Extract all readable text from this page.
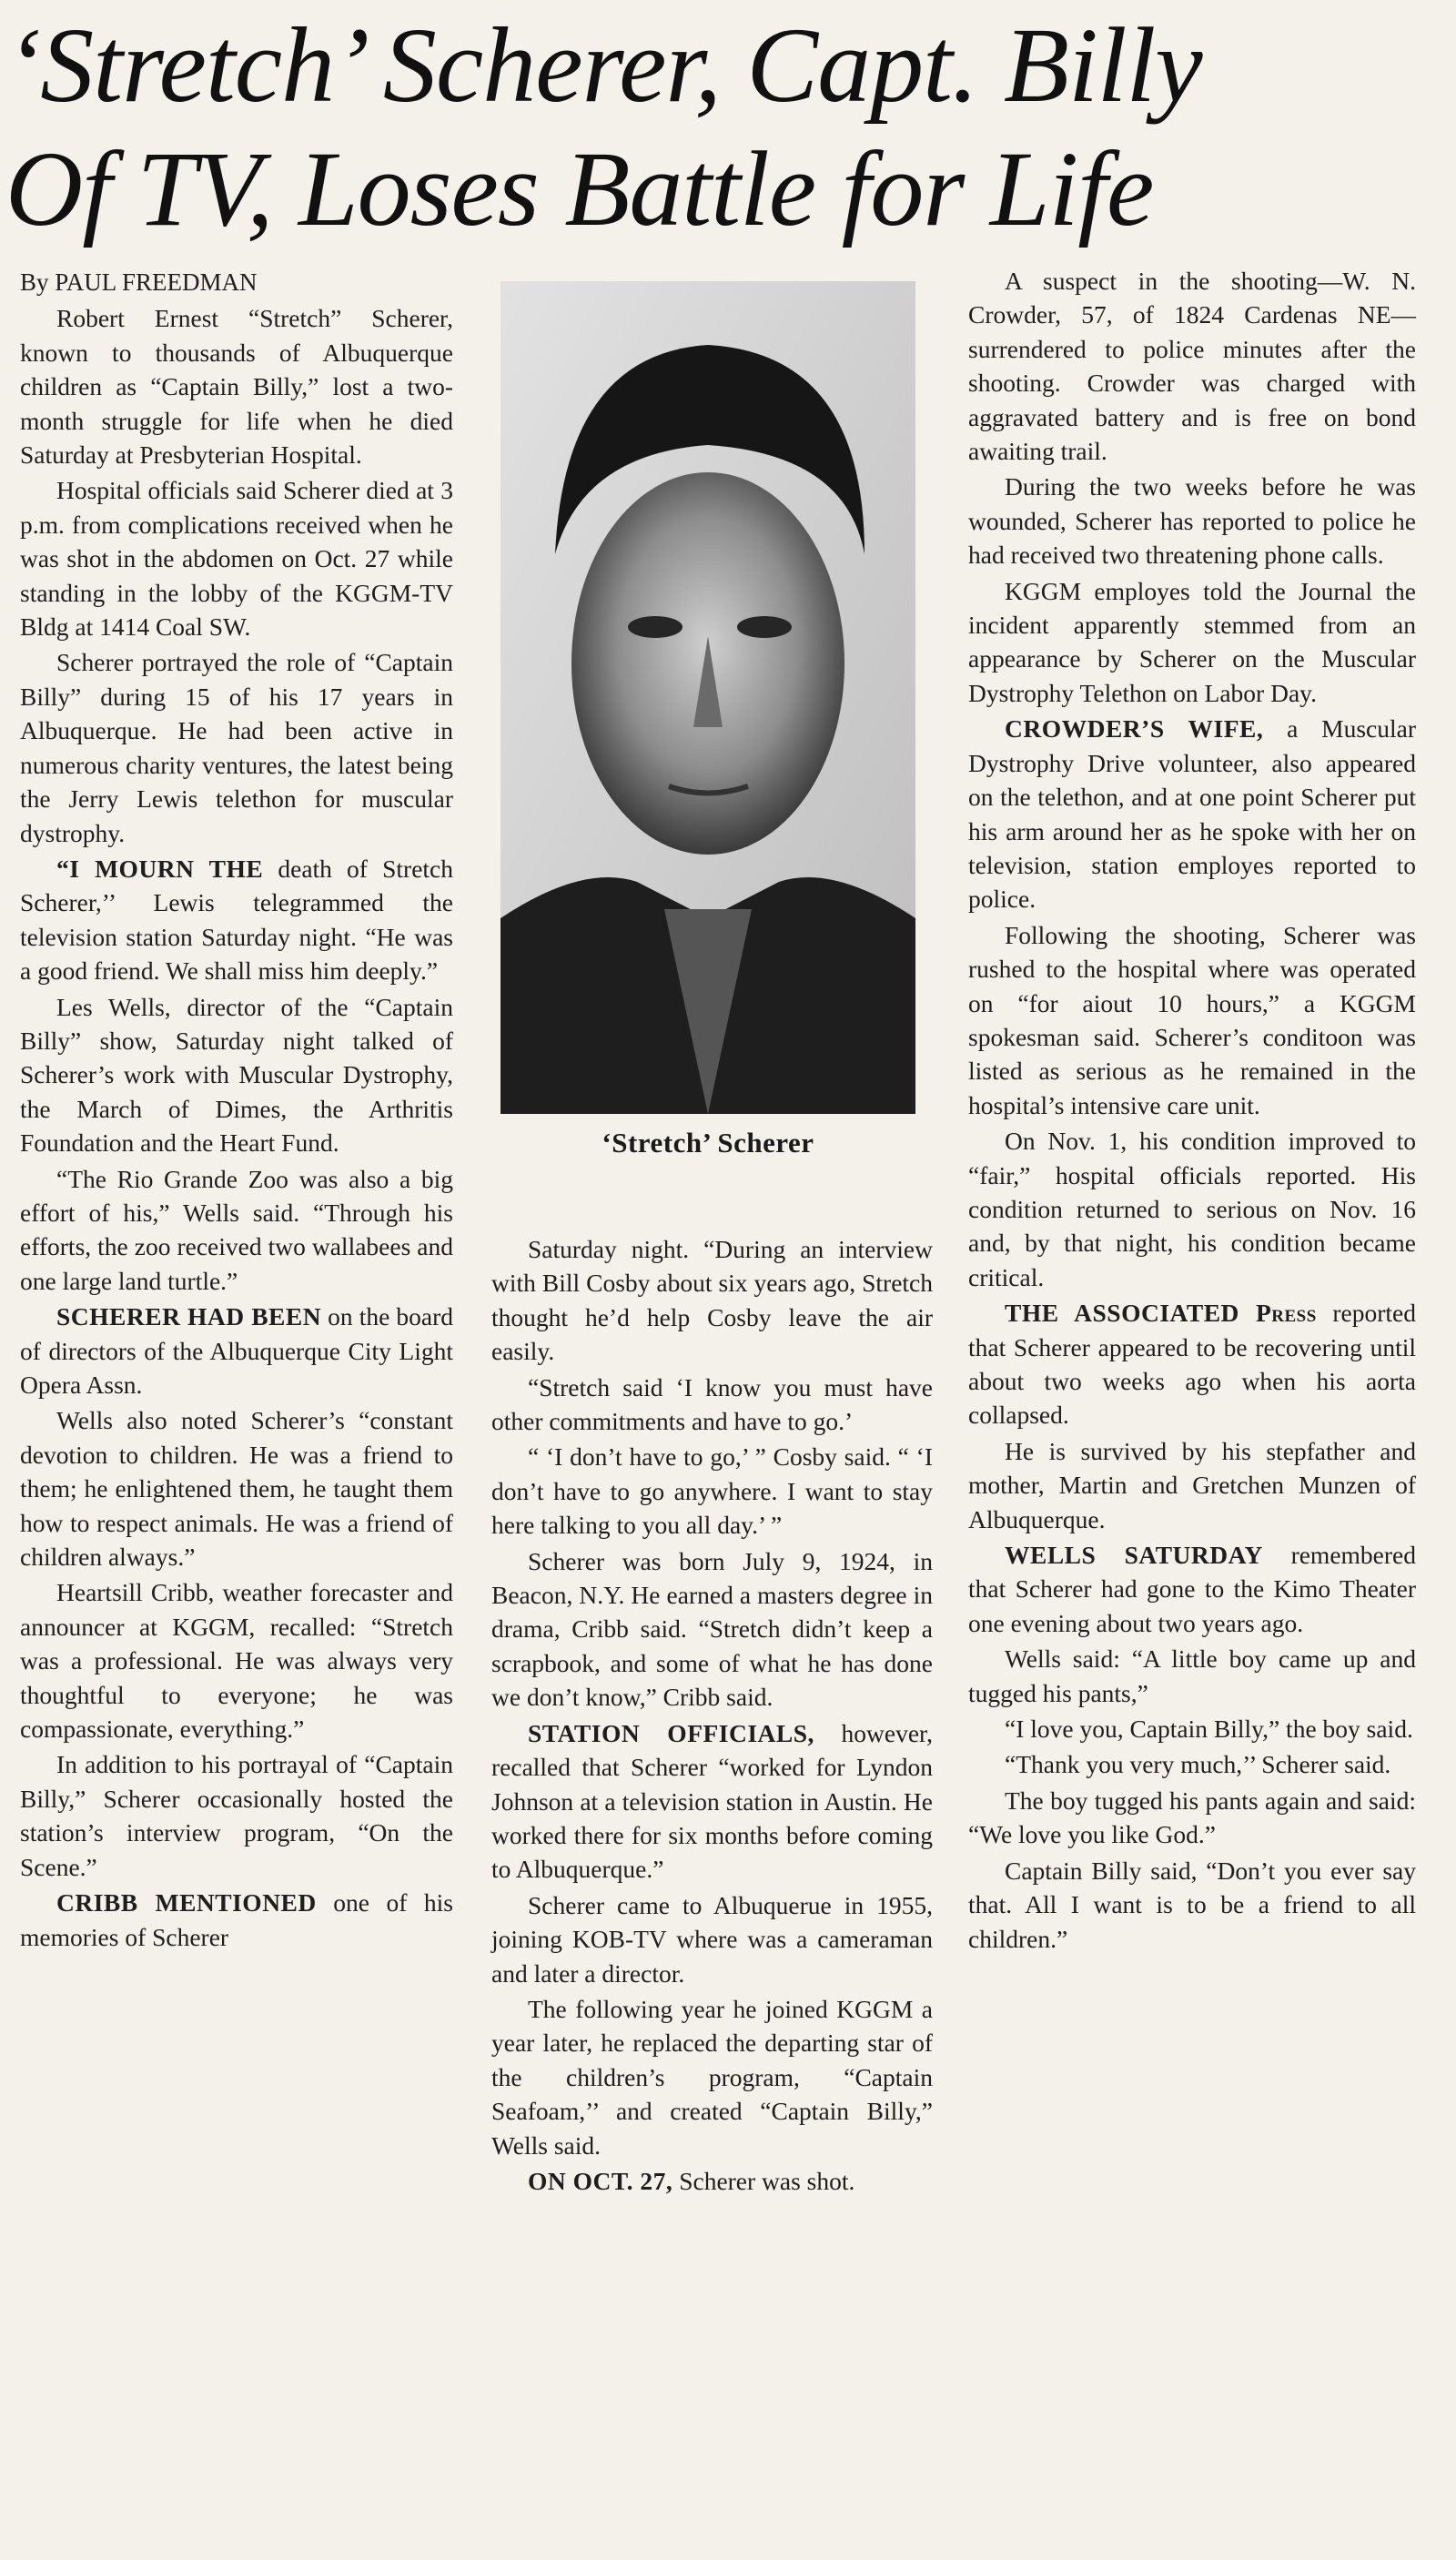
‘Stretch’ Scherer, Capt. Billy
Of TV, Loses Battle for Life

By PAUL FREEDMAN

Robert Ernest “Stretch” Scherer, known to thousands of Albuquerque children as “Captain Billy,” lost a two-month struggle for life when he died Saturday at Presbyterian Hospital.

Hospital officials said Scherer died at 3 p.m. from complications received when he was shot in the abdomen on Oct. 27 while standing in the lobby of the KGGM-TV Bldg at 1414 Coal SW.

Scherer portrayed the role of “Captain Billy” during 15 of his 17 years in Albuquerque. He had been active in numerous charity ventures, the latest being the Jerry Lewis telethon for muscular dystrophy.

“I MOURN THE death of Stretch Scherer,’’ Lewis telegrammed the television station Saturday night. “He was a good friend. We shall miss him deeply.”

Les Wells, director of the “Captain Billy” show, Saturday night talked of Scherer’s work with Muscular Dystrophy, the March of Dimes, the Arthritis Foundation and the Heart Fund.

“The Rio Grande Zoo was also a big effort of his,” Wells said. “Through his efforts, the zoo received two wallabees and one large land turtle.”

SCHERER HAD BEEN on the board of directors of the Albuquerque City Light Opera Assn.

Wells also noted Scherer’s “constant devotion to children. He was a friend to them; he enlightened them, he taught them how to respect animals. He was a friend of children always.”

Heartsill Cribb, weather forecaster and announcer at KGGM, recalled: “Stretch was a professional. He was always very thoughtful to everyone; he was compassionate, everything.”

In addition to his portrayal of “Captain Billy,” Scherer occasionally hosted the station’s interview program, “On the Scene.”

CRIBB MENTIONED one of his memories of Scherer

‘Stretch’ Scherer

Saturday night. “During an interview with Bill Cosby about six years ago, Stretch thought he’d help Cosby leave the air easily.

“Stretch said ‘I know you must have other commitments and have to go.’

“ ‘I don’t have to go,’ ” Cosby said. “ ‘I don’t have to go anywhere. I want to stay here talking to you all day.’ ”

Scherer was born July 9, 1924, in Beacon, N.Y. He earned a masters degree in drama, Cribb said. “Stretch didn’t keep a scrapbook, and some of what he has done we don’t know,” Cribb said.

STATION OFFICIALS, however, recalled that Scherer “worked for Lyndon Johnson at a television station in Austin. He worked there for six months before coming to Albuquerque.”

Scherer came to Albuquerue in 1955, joining KOB-TV where was a cameraman and later a director.

The following year he joined KGGM a year later, he replaced the departing star of the children’s program, “Captain Seafoam,’’ and created “Captain Billy,” Wells said.

ON OCT. 27, Scherer was shot.

A suspect in the shooting—W. N. Crowder, 57, of 1824 Cardenas NE—surrendered to police minutes after the shooting. Crowder was charged with aggravated battery and is free on bond awaiting trail.

During the two weeks before he was wounded, Scherer has reported to police he had received two threatening phone calls.

KGGM employes told the Journal the incident apparently stemmed from an appearance by Scherer on the Muscular Dystrophy Telethon on Labor Day.

CROWDER’S WIFE, a Muscular Dystrophy Drive volunteer, also appeared on the telethon, and at one point Scherer put his arm around her as he spoke with her on television, station employes reported to police.

Following the shooting, Scherer was rushed to the hospital where was operated on “for aiout 10 hours,” a KGGM spokesman said. Scherer’s conditoon was listed as serious as he remained in the hospital’s intensive care unit.

On Nov. 1, his condition improved to “fair,” hospital officials reported. His condition returned to serious on Nov. 16 and, by that night, his condition became critical.

THE ASSOCIATED Press reported that Scherer appeared to be recovering until about two weeks ago when his aorta collapsed.

He is survived by his stepfather and mother, Martin and Gretchen Munzen of Albuquerque.

WELLS SATURDAY remembered that Scherer had gone to the Kimo Theater one evening about two years ago.

Wells said: “A little boy came up and tugged his pants,”

“I love you, Captain Billy,” the boy said.

“Thank you very much,’’ Scherer said.

The boy tugged his pants again and said: “We love you like God.”

Captain Billy said, “Don’t you ever say that. All I want is to be a friend to all children.”
